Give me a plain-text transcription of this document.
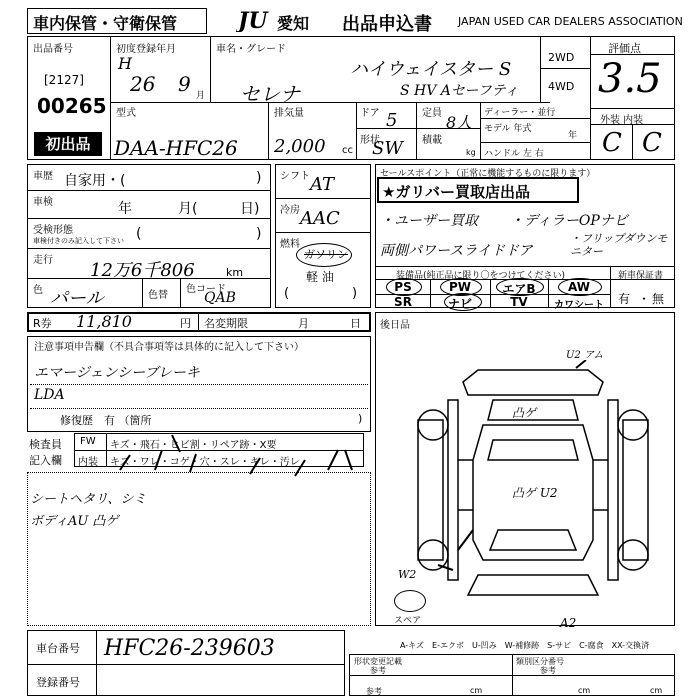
車内保管・守衛保管	JU 愛知 出品申込書 JAPAN USED CAR DEALERS ASSOCIATION
出品番号
[2127]
00265
初出品
初度登録年月
H
26 9 月
車名・グレード
セレナ
ハイウェイスター S
S HV Aセーフティ
2WD
4WD
評価点
3.5
外装 内装
C C
型式
DAA-HFC26
排気量
2,000 cc
ドア 5 定員 8人
形状
SW 積載
kg
ディーラー・並行
モデル 年式
年
ハンドル 左 右
車歴 自家用・(	)
車検	年	月(	日)
受検形態
車検付きのみ記入して下さい (	)
走行 12万6千806	km
色 パール	色替
色コード
QAB
シフト AT
冷房 AAC
燃料
ガソリン
軽 油
(	)
セールスポイント（正常に機能するものに限ります）
★ガリバー買取店出品
・ユーザー買取 ・ディラーOPナビ
両側パワースライドドア
・フリップダウンモニター
装備品(純正品に限り〇をつけてください)	新車保証書
PS	PW	エアB	AW
SR	ナビ	TV	カワシート	有 ・ 無
R券 11,810	円 名変期限	月	日
注意事項申告欄（不具合事項等は具体的に記入して下さい）
エマージェンシーブレーキ
LDA
修復歴　有 （箇所	)
検査員
記入欄
FW キズ・飛石・ヒビ割・リペア跡・X要
内装 キズ・ワレ・コゲ・穴・スレ・キレ・汚レ
シートヘタリ、シミ
ボディAU 凸ゲ
後日品
スペア
U2 アム
凸ゲ
凸ゲ U2
W2
A2
A-キズ　E-エクボ　U-凹み　W-補修跡　S-サビ　C-腐食　XX-交換済
車台番号 HFC26-239603
登録番号
形状変更記載	類別区分番号
参考	参考
参考	cm	cm	cm
